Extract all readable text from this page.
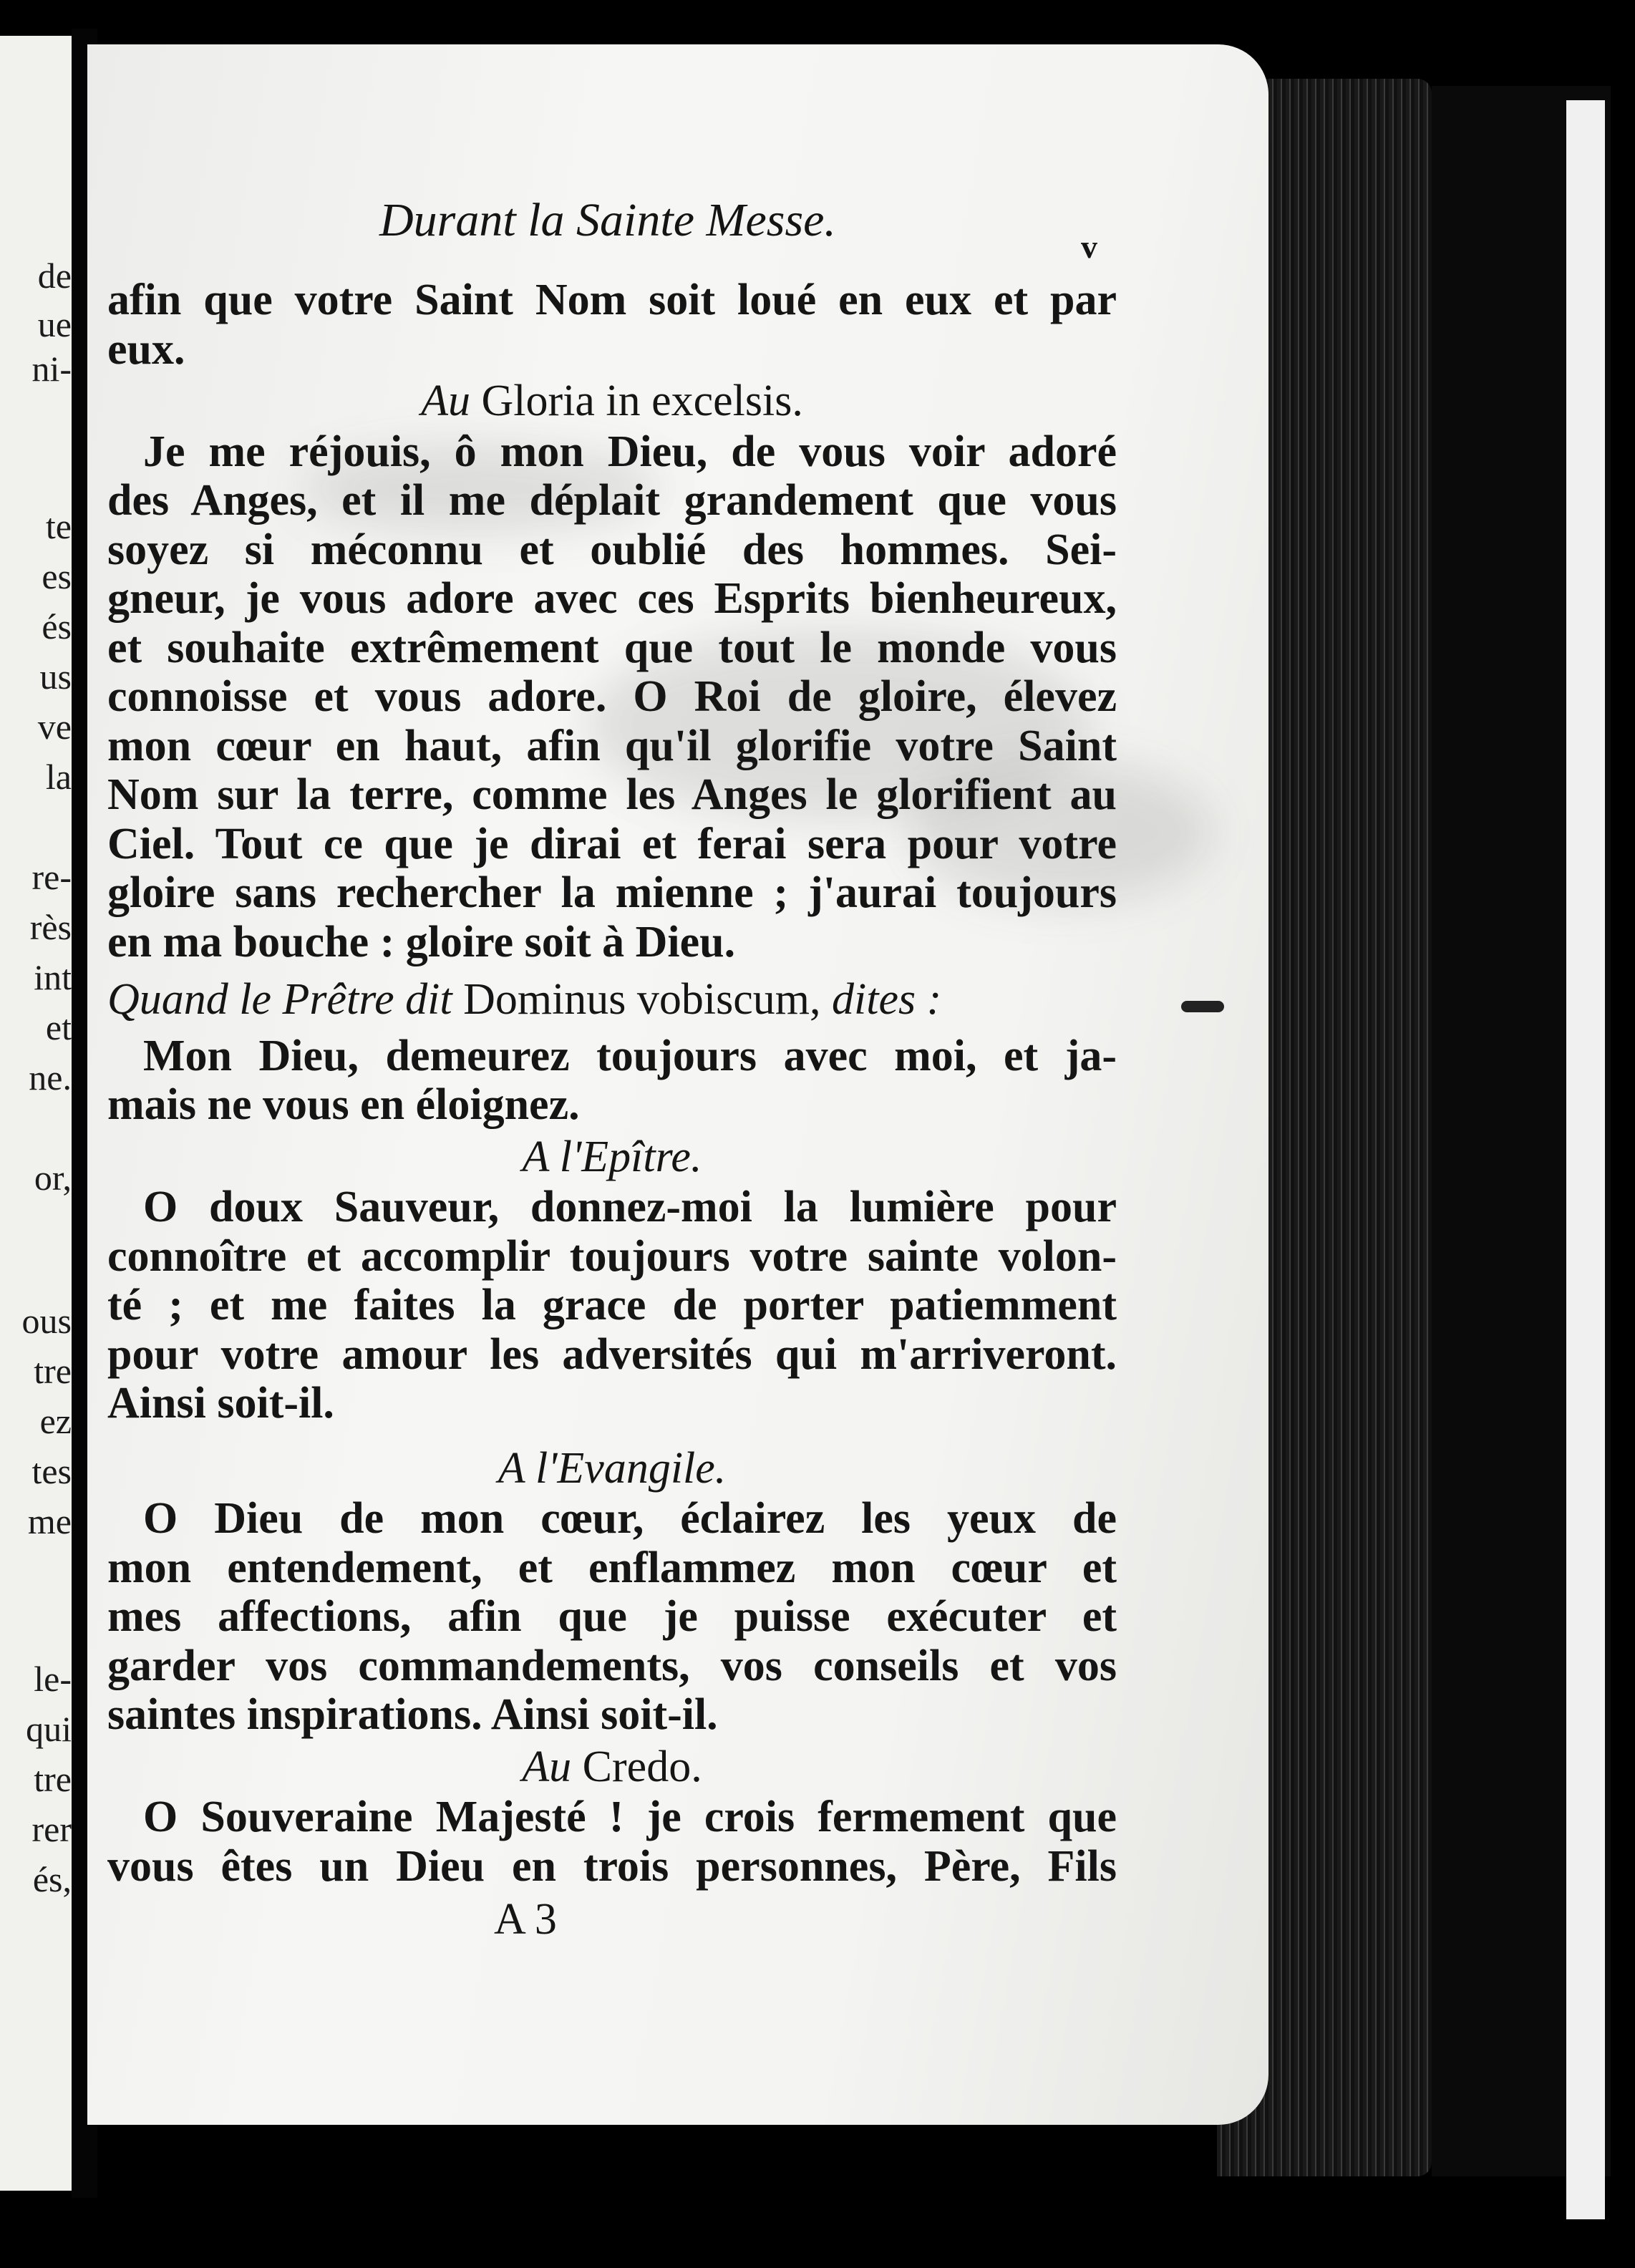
de
ue
ni-
te
es
és
us
ve
la
re-
rès
int
et
ne.
or,
ous
tre
ez
tes
me
le-
qui
tre
rer
és,
Durant la Sainte Messe.
v
afin que votre Saint Nom soit loué en eux et par
eux.
Au Gloria in excelsis.
Je me réjouis, ô mon Dieu, de vous voir adoré
des Anges, et il me déplait grandement que vous
soyez si méconnu et oublié des hommes. Sei-
gneur, je vous adore avec ces Esprits bienheureux,
et souhaite extrêmement que tout le monde vous
connoisse et vous adore. O Roi de gloire, élevez
mon cœur en haut, afin qu'il glorifie votre Saint
Nom sur la terre, comme les Anges le glorifient au
Ciel. Tout ce que je dirai et ferai sera pour votre
gloire sans rechercher la mienne ; j'aurai toujours
en ma bouche : gloire soit à Dieu.
Quand le Prêtre dit Dominus vobiscum, dites :
Mon Dieu, demeurez toujours avec moi, et ja-
mais ne vous en éloignez.
A l'Epître.
O doux Sauveur, donnez-moi la lumière pour
connoître et accomplir toujours votre sainte volon-
té ; et me faites la grace de porter patiemment
pour votre amour les adversités qui m'arriveront.
Ainsi soit-il.
A l'Evangile.
O Dieu de mon cœur, éclairez les yeux de
mon entendement, et enflammez mon cœur et
mes affections, afin que je puisse exécuter et
garder vos commandements, vos conseils et vos
saintes inspirations. Ainsi soit-il.
Au Credo.
O Souveraine Majesté ! je crois fermement que
vous êtes un Dieu en trois personnes, Père, Fils
A 3
